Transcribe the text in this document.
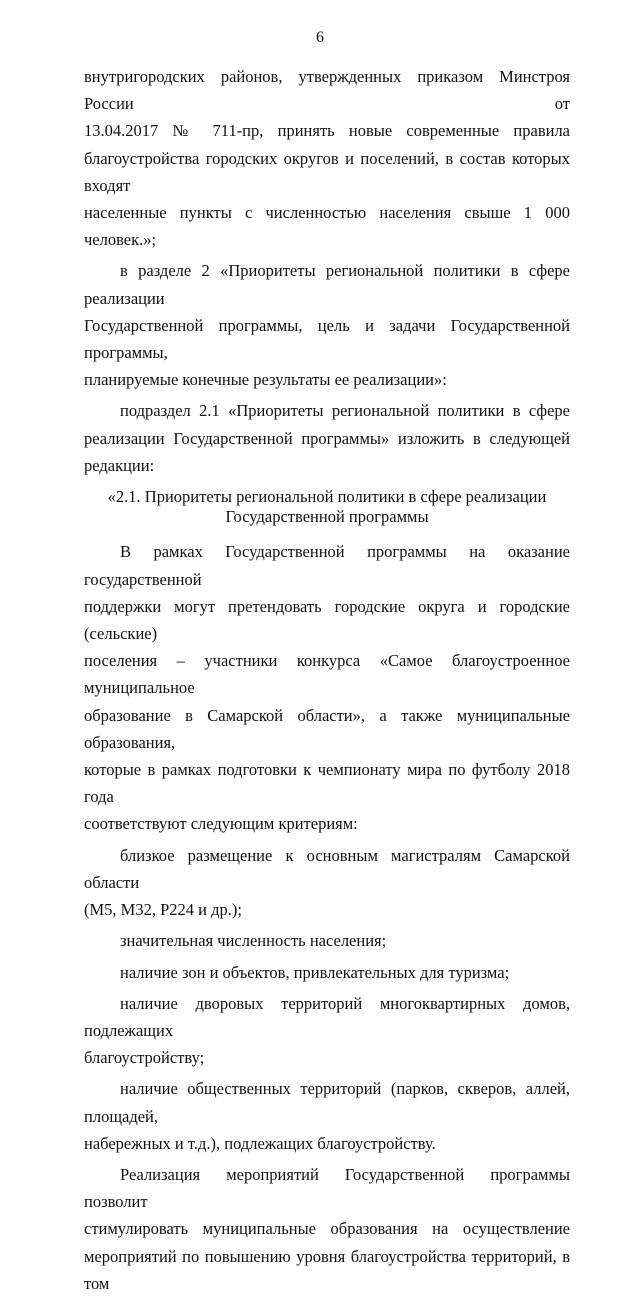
6

внутригородских районов, утвержденных приказом Минстроя России от
13.04.2017 № 711-пр, принять новые современные правила
благоустройства городских округов и поселений, в состав которых входят

населенные пункты с численностью населения свыше 1 000 человек.»;

в разделе 2 «Приоритеты региональной политики в сфере реализации
Государственной программы, цель и задачи Государственной программы,

планируемые конечные результаты ее реализации»:

подраздел 2.1 «Приоритеты региональной политики в сфере
реализации Государственной программы» изложить в следующей

редакции:

«2.1. Приоритеты региональной политики в сфере реализации

Государственной программы

В рамках Государственной программы на оказание государственной
поддержки могут претендовать городские округа и городские (сельские)
поселения – участники конкурса «Самое благоустроенное муниципальное
образование в Самарской области», а также муниципальные образования,
которые в рамках подготовки к чемпионату мира по футболу 2018 года

соответствуют следующим критериям:

близкое размещение к основным магистралям Самарской области

(М5, М32, Р224 и др.);

значительная численность населения;

наличие зон и объектов, привлекательных для туризма;

наличие дворовых территорий многоквартирных домов, подлежащих

благоустройству;

наличие общественных территорий (парков, скверов, аллей, площадей,

набережных и т.д.), подлежащих благоустройству.

Реализация мероприятий Государственной программы позволит
стимулировать муниципальные образования на осуществление
мероприятий по повышению уровня благоустройства территорий, в том
